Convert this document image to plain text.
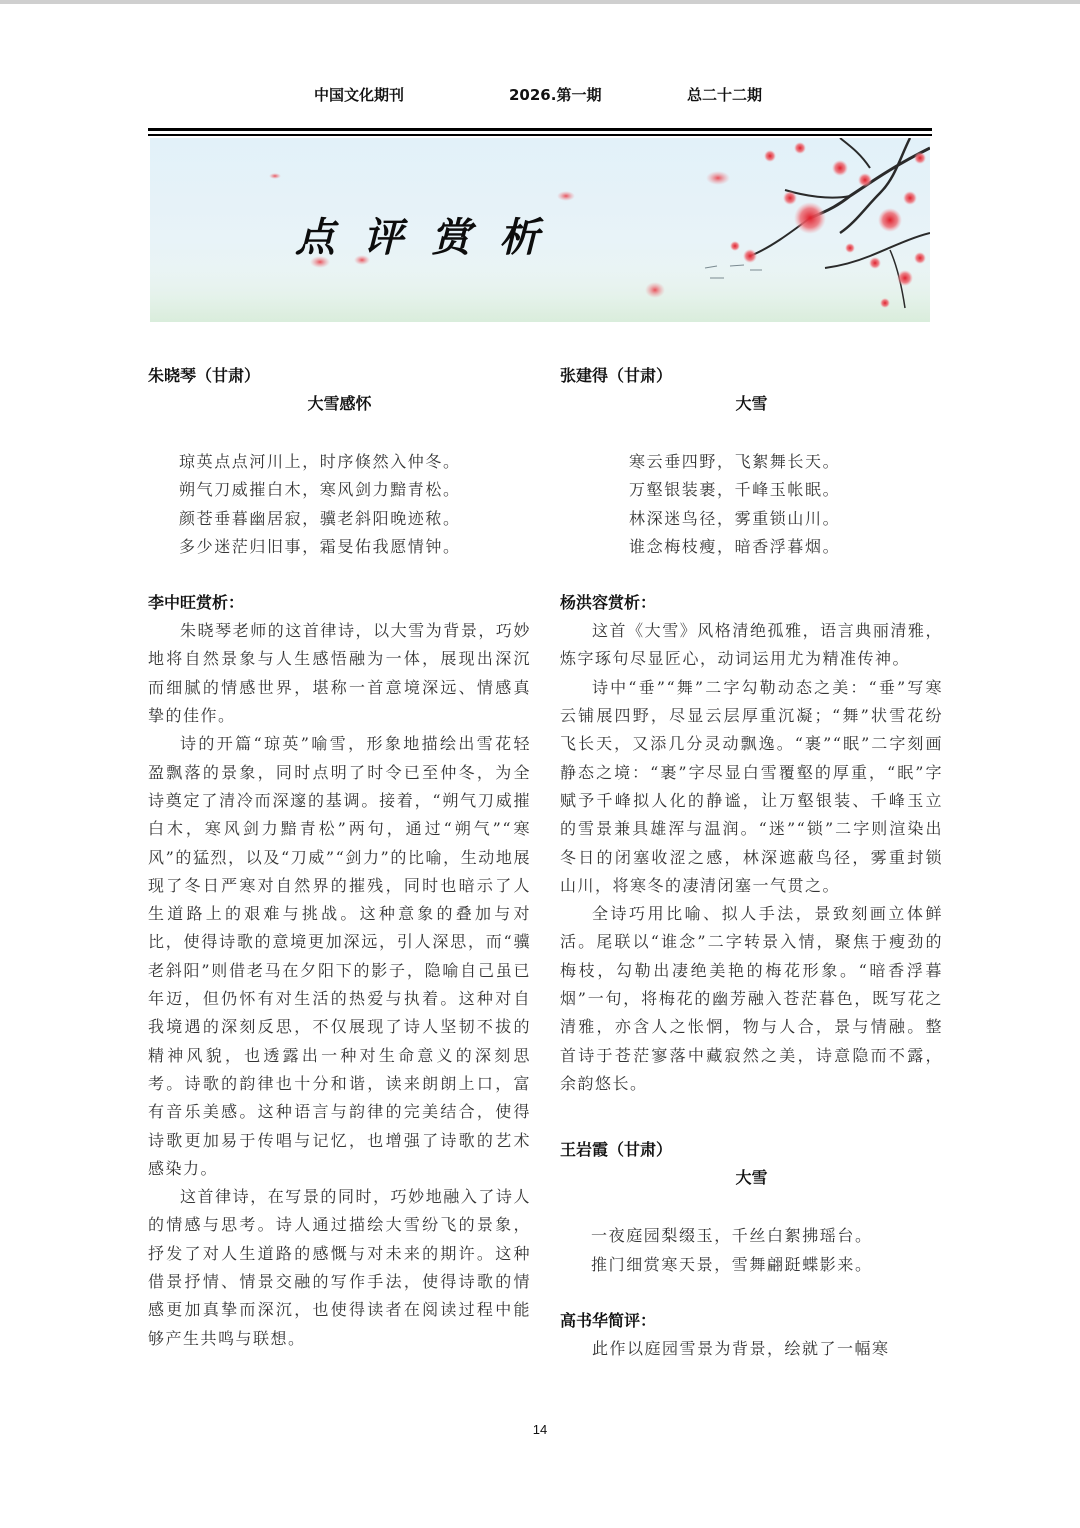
中国文化期刊	2026.第一期	总二十二期
点评赏析
朱晓琴（甘肃）
大雪感怀
琼英点点河川上，时序倏然入仲冬。
朔气刀威摧白木，寒风剑力黯青松。
颜苍垂暮幽居寂，骥老斜阳晚迹秾。
多少迷茫归旧事，霜旻佑我愿情钟。
李中旺赏析：

朱晓琴老师的这首律诗，以大雪为背景，巧妙地将自然景象与人生感悟融为一体，展现出深沉而细腻的情感世界，堪称一首意境深远、情感真挚的佳作。

诗的开篇“琼英”喻雪，形象地描绘出雪花轻盈飘落的景象，同时点明了时令已至仲冬，为全诗奠定了清冷而深邃的基调。接着，“朔气刀威摧白木，寒风剑力黯青松”两句，通过“朔气”“寒风”的猛烈，以及“刀威”“剑力”的比喻，生动地展现了冬日严寒对自然界的摧残，同时也暗示了人生道路上的艰难与挑战。这种意象的叠加与对比，使得诗歌的意境更加深远，引人深思，而“骥老斜阳”则借老马在夕阳下的影子，隐喻自己虽已年迈，但仍怀有对生活的热爱与执着。这种对自我境遇的深刻反思，不仅展现了诗人坚韧不拔的精神风貌，也透露出一种对生命意义的深刻思考。诗歌的韵律也十分和谐，读来朗朗上口，富有音乐美感。这种语言与韵律的完美结合，使得诗歌更加易于传唱与记忆，也增强了诗歌的艺术感染力。

这首律诗，在写景的同时，巧妙地融入了诗人的情感与思考。诗人通过描绘大雪纷飞的景象，抒发了对人生道路的感慨与对未来的期许。这种借景抒情、情景交融的写作手法，使得诗歌的情感更加真挚而深沉，也使得读者在阅读过程中能够产生共鸣与联想。

张建得（甘肃）
大雪
寒云垂四野，飞絮舞长天。
万壑银装裹，千峰玉帐眠。
林深迷鸟径，雾重锁山川。
谁念梅枝瘦，暗香浮暮烟。
杨洪容赏析：

这首《大雪》风格清绝孤雅，语言典丽清雅，炼字琢句尽显匠心，动词运用尤为精准传神。

诗中“垂”“舞”二字勾勒动态之美：“垂”写寒云铺展四野，尽显云层厚重沉凝；“舞”状雪花纷飞长天，又添几分灵动飘逸。“裹”“眠”二字刻画静态之境：“裹”字尽显白雪覆壑的厚重，“眠”字赋予千峰拟人化的静谧，让万壑银装、千峰玉立的雪景兼具雄浑与温润。“迷”“锁”二字则渲染出冬日的闭塞收涩之感，林深遮蔽鸟径，雾重封锁山川，将寒冬的凄清闭塞一气贯之。

全诗巧用比喻、拟人手法，景致刻画立体鲜活。尾联以“谁念”二字转景入情，聚焦于瘦劲的梅枝，勾勒出凄绝美艳的梅花形象。“暗香浮暮烟”一句，将梅花的幽芳融入苍茫暮色，既写花之清雅，亦含人之怅惘，物与人合，景与情融。整首诗于苍茫寥落中藏寂然之美，诗意隐而不露，余韵悠长。

王岩霞（甘肃）
大雪
一夜庭园梨缀玉，千丝白絮拂瑶台。
推门细赏寒天景，雪舞翩跹蝶影来。
高书华简评：

此作以庭园雪景为背景，绘就了一幅寒

14
